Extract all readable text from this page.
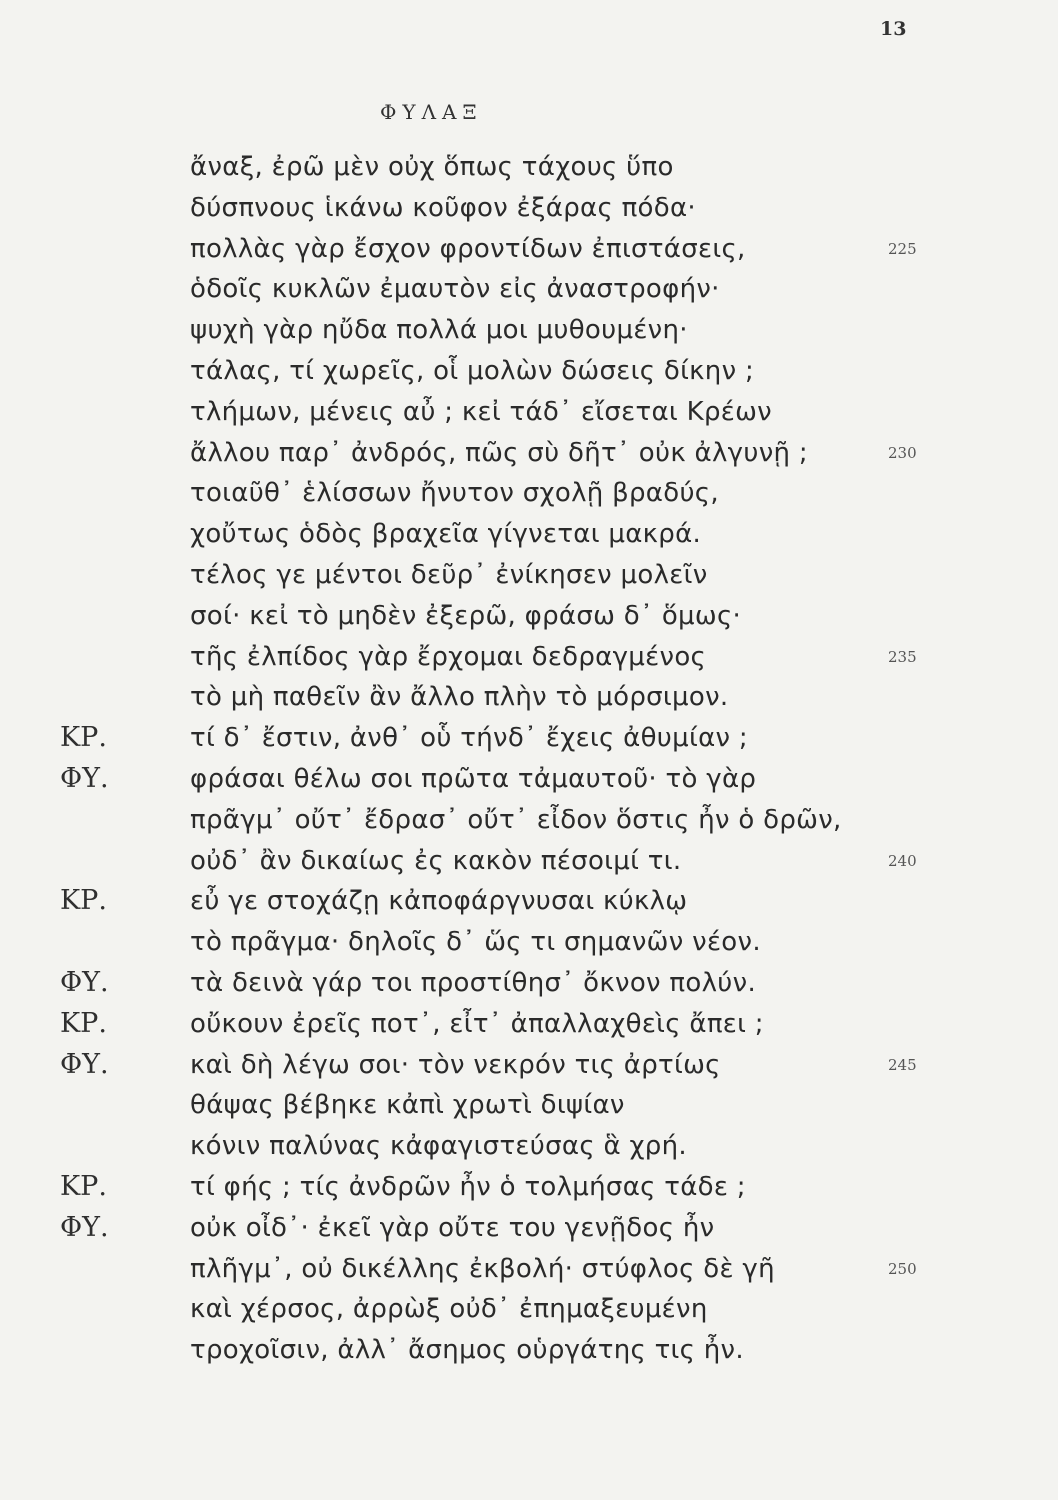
13
ΦΥΛΑΞ
ἄναξ, ἐρῶ μὲν οὐχ ὅπως τάχους ὕπο
δύσπνους ἱκάνω κοῦφον ἐξάρας πόδα·
πολλὰς γὰρ ἔσχον φροντίδων ἐπιστάσεις,	225
ὁδοῖς κυκλῶν ἐμαυτὸν εἰς ἀναστροφήν·
ψυχὴ γὰρ ηὔδα πολλά μοι μυθουμένη·
τάλας, τί χωρεῖς, οἷ μολὼν δώσεις δίκην ;
τλήμων, μένεις αὖ ; κεἰ τάδ᾽ εἴσεται Κρέων
ἄλλου παρ᾽ ἀνδρός, πῶς σὺ δῆτ᾽ οὐκ ἀλγυνῇ ;	230
τοιαῦθ᾽ ἑλίσσων ἤνυτον σχολῇ βραδύς,
χοὔτως ὁδὸς βραχεῖα γίγνεται μακρά.
τέλος γε μέντοι δεῦρ᾽ ἐνίκησεν μολεῖν
σοί· κεἰ τὸ μηδὲν ἐξερῶ, φράσω δ᾽ ὅμως·
τῆς ἐλπίδος γὰρ ἔρχομαι δεδραγμένος	235
τὸ μὴ παθεῖν ἂν ἄλλο πλὴν τὸ μόρσιμον.
ΚΡ.	τί δ᾽ ἔστιν, ἀνθ᾽ οὗ τήνδ᾽ ἔχεις ἀθυμίαν ;
ΦΥ.	φράσαι θέλω σοι πρῶτα τἀμαυτοῦ· τὸ γὰρ
πρᾶγμ᾽ οὔτ᾽ ἔδρασ᾽ οὔτ᾽ εἶδον ὅστις ἦν ὁ δρῶν,
οὐδ᾽ ἂν δικαίως ἐς κακὸν πέσοιμί τι.	240
ΚΡ.	εὖ γε στοχάζῃ κἀποφάργνυσαι κύκλῳ
τὸ πρᾶγμα· δηλοῖς δ᾽ ὥς τι σημανῶν νέον.
ΦΥ.	τὰ δεινὰ γάρ τοι προστίθησ᾽ ὄκνον πολύν.
ΚΡ.	οὔκουν ἐρεῖς ποτ᾽, εἶτ᾽ ἀπαλλαχθεὶς ἄπει ;
ΦΥ.	καὶ δὴ λέγω σοι· τὸν νεκρόν τις ἀρτίως	245
θάψας βέβηκε κἀπὶ χρωτὶ διψίαν
κόνιν παλύνας κἀφαγιστεύσας ἃ χρή.
ΚΡ.	τί φής ; τίς ἀνδρῶν ἦν ὁ τολμήσας τάδε ;
ΦΥ.	οὐκ οἶδ᾽· ἐκεῖ γὰρ οὔτε του γενῇδος ἦν
πλῆγμ᾽, οὐ δικέλλης ἐκβολή· στύφλος δὲ γῆ	250
καὶ χέρσος, ἀρρὼξ οὐδ᾽ ἐπημαξευμένη
τροχοῖσιν, ἀλλ᾽ ἄσημος οὑργάτης τις ἦν.
